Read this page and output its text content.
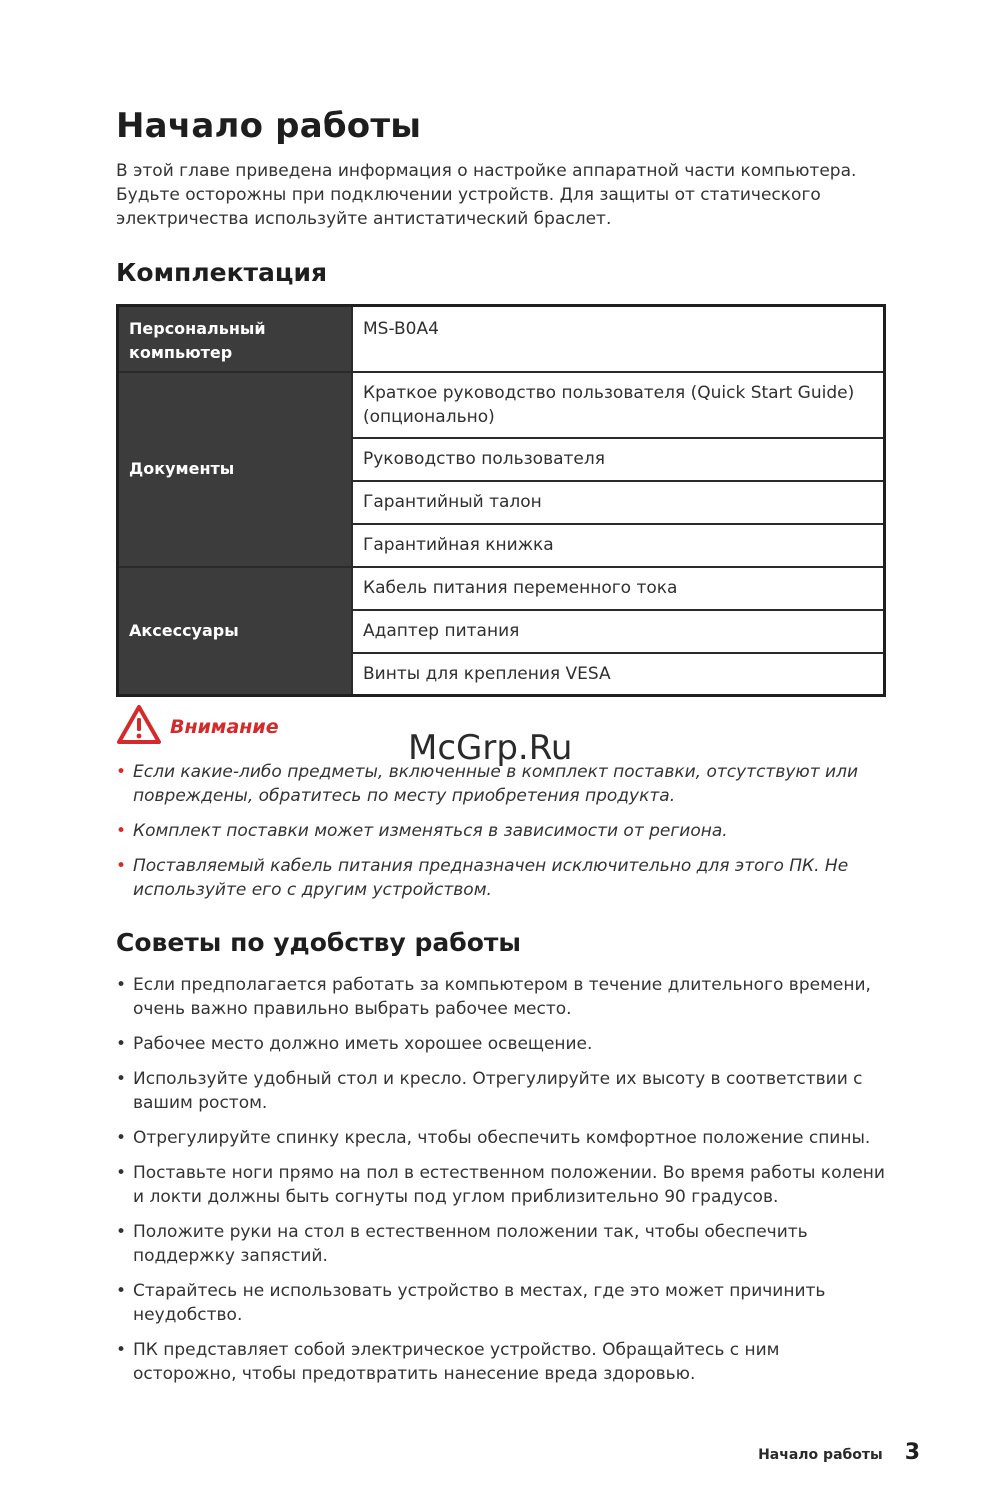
Начало работы

В этой главе приведена информация о настройке аппаратной части компьютера. Будьте осторожны при подключении устройств. Для защиты от статического электричества используйте антистатический браслет.

Комплектация
Персональный компьютер	MS-B0A4
Документы	Краткое руководство пользователя (Quick Start Guide) (опционально)
	Руководство пользователя
	Гарантийный талон
	Гарантийная книжка
Аксессуары	Кабель питания переменного тока
	Адаптер питания
	Винты для крепления VESA
Внимание
• Если какие-либо предметы, включенные в комплект поставки, отсутствуют или повреждены, обратитесь по месту приобретения продукта.
• Комплект поставки может изменяться в зависимости от региона.
• Поставляемый кабель питания предназначен исключительно для этого ПК. Не используйте его с другим устройством.
Советы по удобству работы
• Если предполагается работать за компьютером в течение длительного времени, очень важно правильно выбрать рабочее место.
• Рабочее место должно иметь хорошее освещение.
• Используйте удобный стол и кресло. Отрегулируйте их высоту в соответствии с вашим ростом.
• Отрегулируйте спинку кресла, чтобы обеспечить комфортное положение спины.
• Поставьте ноги прямо на пол в естественном положении. Во время работы колени и локти должны быть согнуты под углом приблизительно 90 градусов.
• Положите руки на стол в естественном положении так, чтобы обеспечить поддержку запястий.
• Старайтесь не использовать устройство в местах, где это может причинить неудобство.
• ПК представляет собой электрическое устройство. Обращайтесь с ним осторожно, чтобы предотвратить нанесение вреда здоровью.
McGrp.Ru
Начало работы 3
